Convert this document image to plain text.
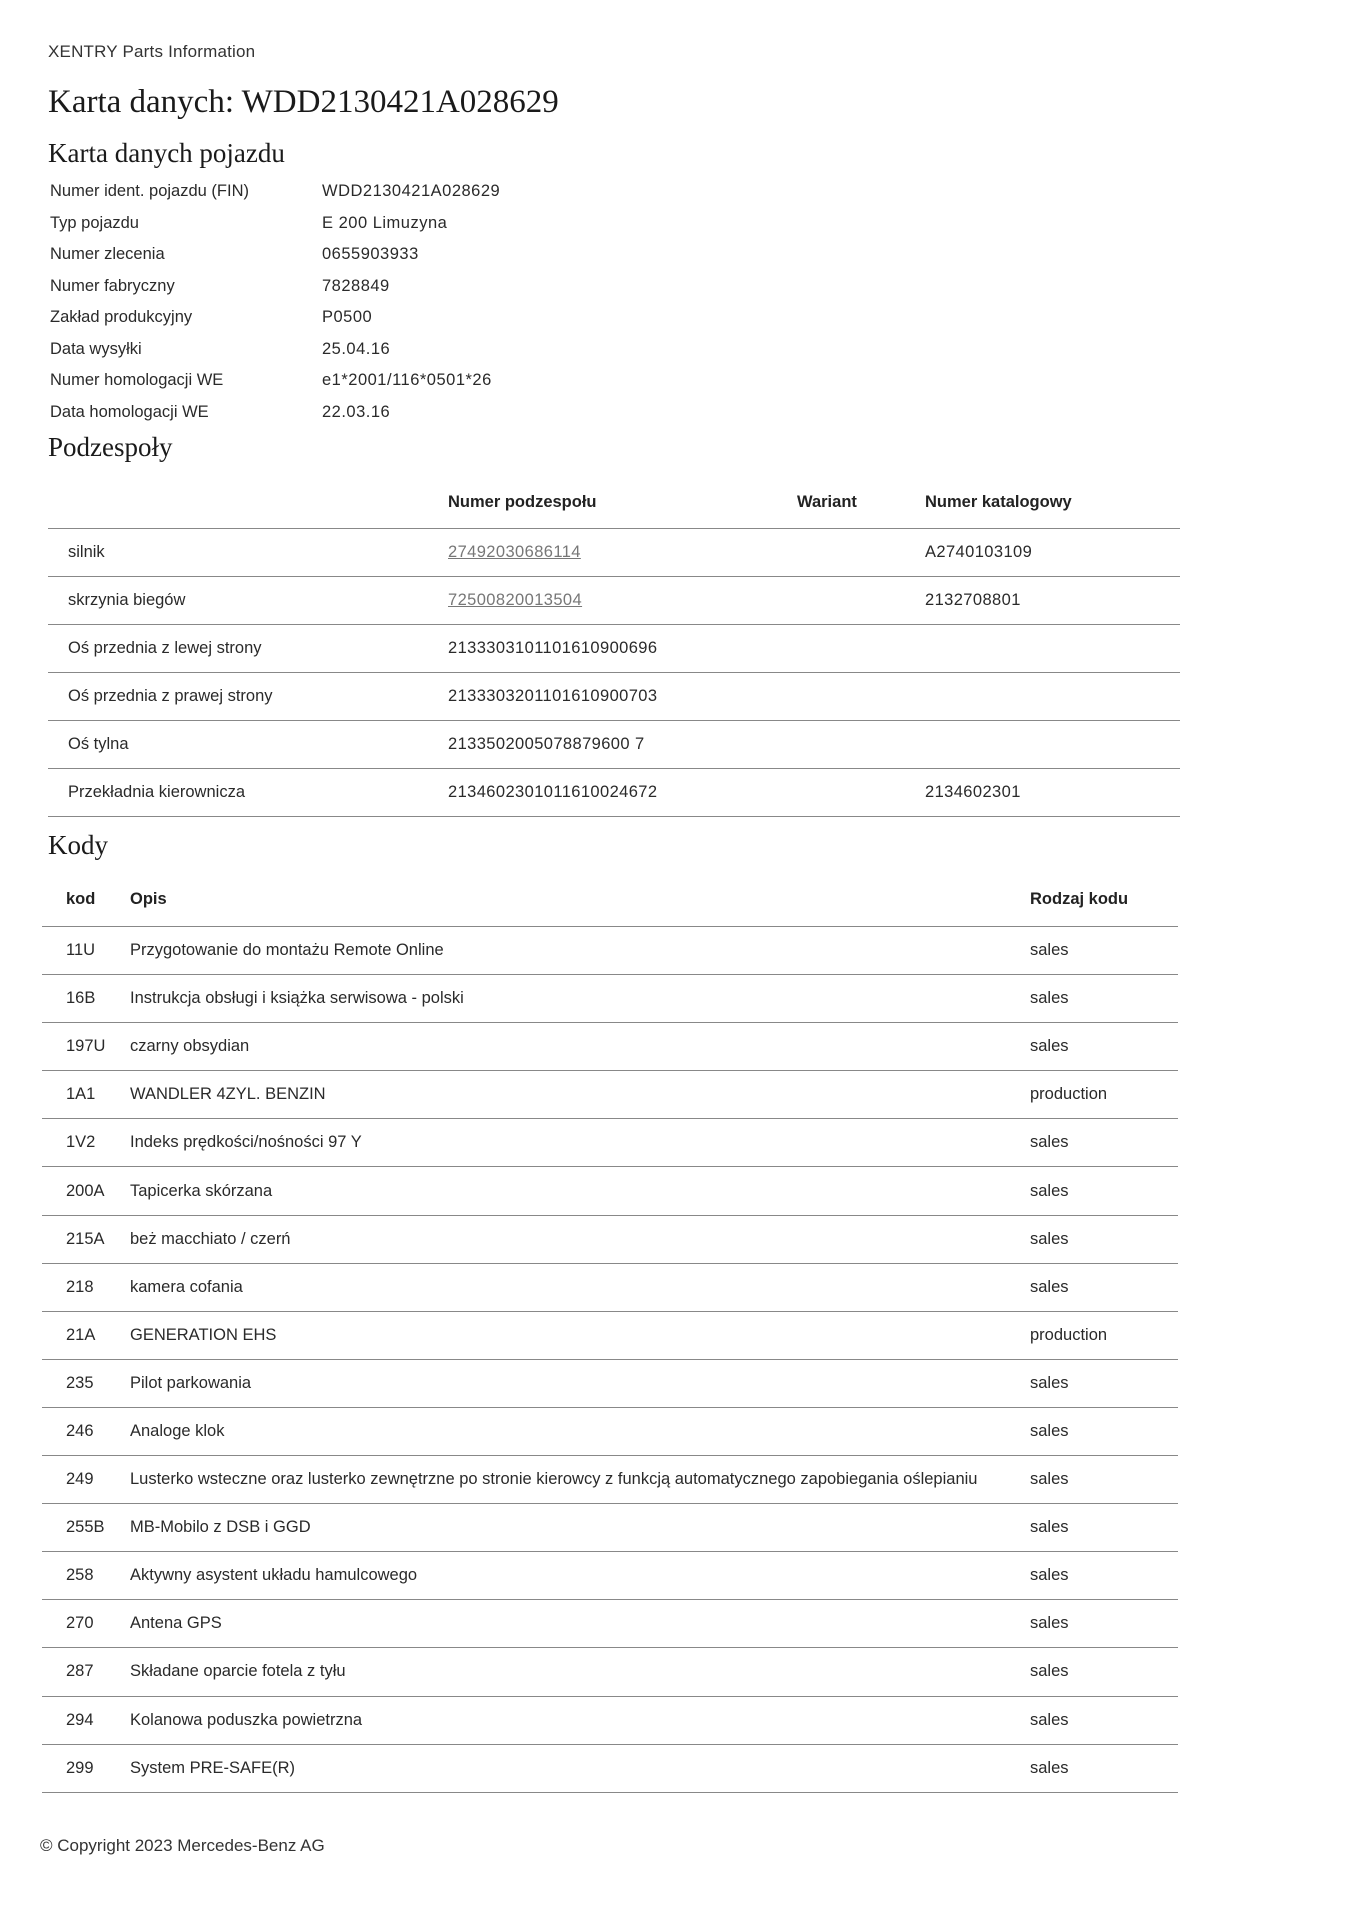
XENTRY Parts Information
Karta danych: WDD2130421A028629
Karta danych pojazdu
Numer ident. pojazdu (FIN)	WDD2130421A028629
Typ pojazdu	E 200 Limuzyna
Numer zlecenia	0655903933
Numer fabryczny	7828849
Zakład produkcyjny	P0500
Data wysyłki	25.04.16
Numer homologacji WE	e1*2001/116*0501*26
Data homologacji WE	22.03.16
Podzespoły
	Numer podzespołu	Wariant	Numer katalogowy
silnik	27492030686114		A2740103109
skrzynia biegów	72500820013504		2132708801
Oś przednia z lewej strony	2133303101101610900696		
Oś przednia z prawej strony	2133303201101610900703		
Oś tylna	2133502005078879600 7		
Przekładnia kierownicza	2134602301011610024672		2134602301
Kody
kod	Opis	Rodzaj kodu
11U	Przygotowanie do montażu Remote Online	sales
16B	Instrukcja obsługi i książka serwisowa - polski	sales
197U	czarny obsydian	sales
1A1	WANDLER 4ZYL. BENZIN	production
1V2	Indeks prędkości/nośności 97 Y	sales
200A	Tapicerka skórzana	sales
215A	beż macchiato / czerń	sales
218	kamera cofania	sales
21A	GENERATION EHS	production
235	Pilot parkowania	sales
246	Analoge klok	sales
249	Lusterko wsteczne oraz lusterko zewnętrzne po stronie kierowcy z funkcją automatycznego zapobiegania oślepianiu	sales
255B	MB-Mobilo z DSB i GGD	sales
258	Aktywny asystent układu hamulcowego	sales
270	Antena GPS	sales
287	Składane oparcie fotela z tyłu	sales
294	Kolanowa poduszka powietrzna	sales
299	System PRE-SAFE(R)	sales
© Copyright 2023 Mercedes-Benz AG
